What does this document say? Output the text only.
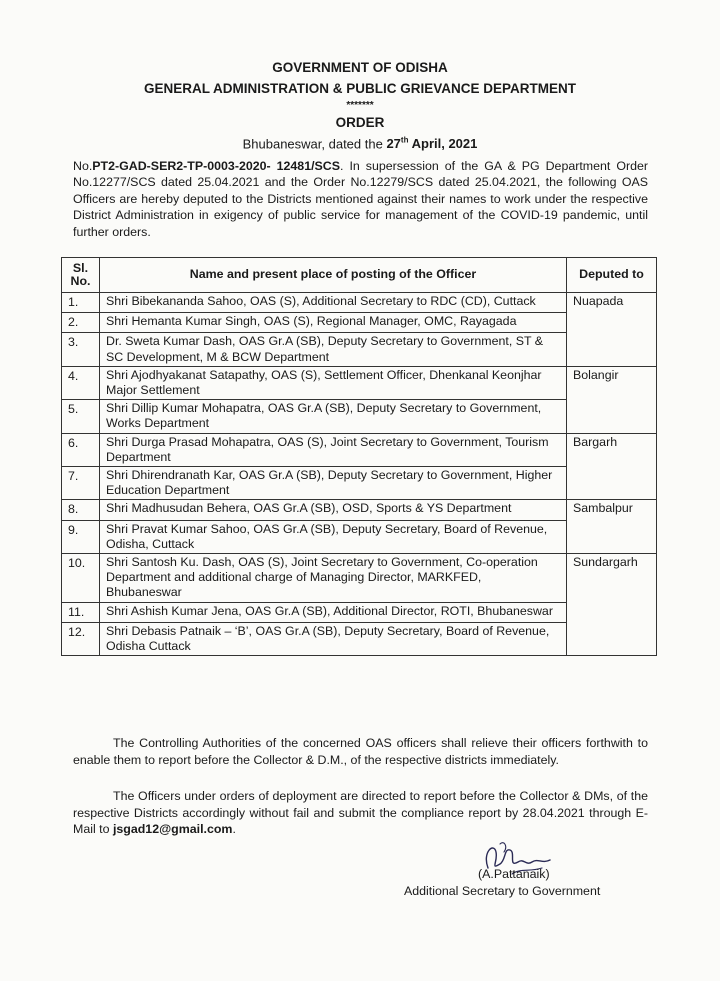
GOVERNMENT OF ODISHA
GENERAL ADMINISTRATION & PUBLIC GRIEVANCE DEPARTMENT
*******
ORDER
Bhubaneswar, dated the 27th April, 2021
No.PT2-GAD-SER2-TP-0003-2020- 12481/SCS. In supersession of the GA & PG Department Order No.12277/SCS dated 25.04.2021 and the Order No.12279/SCS dated 25.04.2021, the following OAS Officers are hereby deputed to the Districts mentioned against their names to work under the respective District Administration in exigency of public service for management of the COVID-19 pandemic, until further orders.
Sl.
No.	Name and present place of posting of the Officer	Deputed to
1.	Shri Bibekananda Sahoo, OAS (S), Additional Secretary to RDC (CD), Cuttack	Nuapada
2.	Shri Hemanta Kumar Singh, OAS (S), Regional Manager, OMC, Rayagada	
3.	Dr. Sweta Kumar Dash, OAS Gr.A (SB), Deputy Secretary to Government, ST & SC Development, M & BCW Department	
4.	Shri Ajodhyakanat Satapathy, OAS (S), Settlement Officer, Dhenkanal Keonjhar Major Settlement	Bolangir
5.	Shri Dillip Kumar Mohapatra, OAS Gr.A (SB), Deputy Secretary to Government, Works Department	
6.	Shri Durga Prasad Mohapatra, OAS (S), Joint Secretary to Government, Tourism Department	Bargarh
7.	Shri Dhirendranath Kar, OAS Gr.A (SB), Deputy Secretary to Government, Higher Education Department	
8.	Shri Madhusudan Behera, OAS Gr.A (SB), OSD, Sports & YS Department	Sambalpur
9.	Shri Pravat Kumar Sahoo, OAS Gr.A (SB), Deputy Secretary, Board of Revenue, Odisha, Cuttack	
10.	Shri Santosh Ku. Dash, OAS (S), Joint Secretary to Government, Co-operation Department and additional charge of Managing Director, MARKFED, Bhubaneswar	Sundargarh
11.	Shri Ashish Kumar Jena, OAS Gr.A (SB), Additional Director, ROTI, Bhubaneswar	
12.	Shri Debasis Patnaik – ‘B’, OAS Gr.A (SB), Deputy Secretary, Board of Revenue, Odisha Cuttack	
The Controlling Authorities of the concerned OAS officers shall relieve their officers forthwith to enable them to report before the Collector & D.M., of the respective districts immediately.
The Officers under orders of deployment are directed to report before the Collector & DMs, of the respective Districts accordingly without fail and submit the compliance report by 28.04.2021 through E-Mail to jsgad12@gmail.com.
(A.Pattanaik)
Additional Secretary to Government
